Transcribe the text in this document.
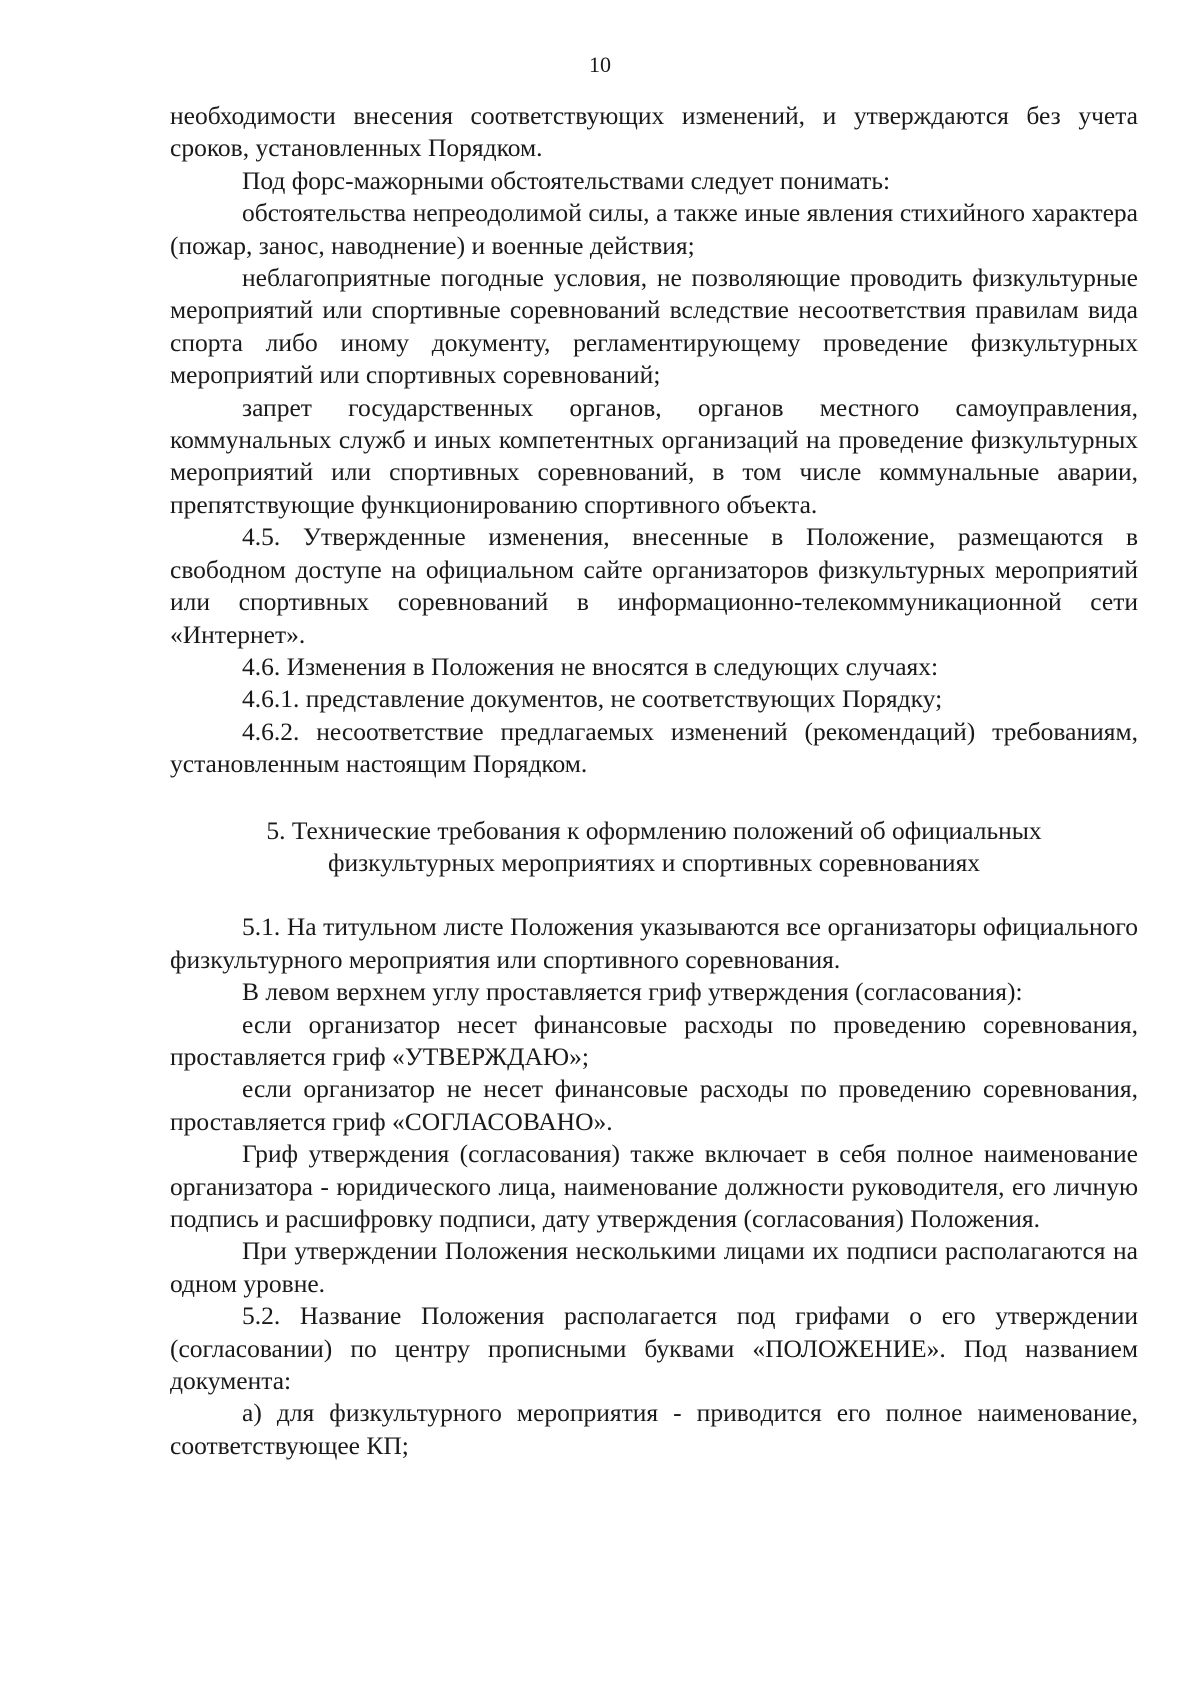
10

необходимости внесения соответствующих изменений, и утверждаются без учета сроков, установленных Порядком.

Под форс-мажорными обстоятельствами следует понимать:

обстоятельства непреодолимой силы, а также иные явления стихийного характера (пожар, занос, наводнение) и военные действия;

неблагоприятные погодные условия, не позволяющие проводить физкультурные мероприятий или спортивные соревнований вследствие несоответствия правилам вида спорта либо иному документу, регламентирующему проведение физкультурных мероприятий или спортивных соревнований;

запрет государственных органов, органов местного самоуправления, коммунальных служб и иных компетентных организаций на проведение физкультурных мероприятий или спортивных соревнований, в том числе коммунальные аварии, препятствующие функционированию спортивного объекта.

4.5. Утвержденные изменения, внесенные в Положение, размещаются в свободном доступе на официальном сайте организаторов физкультурных мероприятий или спортивных соревнований в информационно-телекоммуникационной сети «Интернет».

4.6. Изменения в Положения не вносятся в следующих случаях:

4.6.1. представление документов, не соответствующих Порядку;

4.6.2. несоответствие предлагаемых изменений (рекомендаций) требованиям, установленным настоящим Порядком.

5. Технические требования к оформлению положений об официальных

физкультурных мероприятиях и спортивных соревнованиях

5.1. На титульном листе Положения указываются все организаторы официального физкультурного мероприятия или спортивного соревнования.

В левом верхнем углу проставляется гриф утверждения (согласования):

если организатор несет финансовые расходы по проведению соревнования, проставляется гриф «УТВЕРЖДАЮ»;

если организатор не несет финансовые расходы по проведению соревнования, проставляется гриф «СОГЛАСОВАНО».

Гриф утверждения (согласования) также включает в себя полное наименование организатора - юридического лица, наименование должности руководителя, его личную подпись и расшифровку подписи, дату утверждения (согласования) Положения.

При утверждении Положения несколькими лицами их подписи располагаются на одном уровне.

5.2. Название Положения располагается под грифами о его утверждении (согласовании) по центру прописными буквами «ПОЛОЖЕНИЕ». Под названием документа:

а) для физкультурного мероприятия - приводится его полное наименование, соответствующее КП;
